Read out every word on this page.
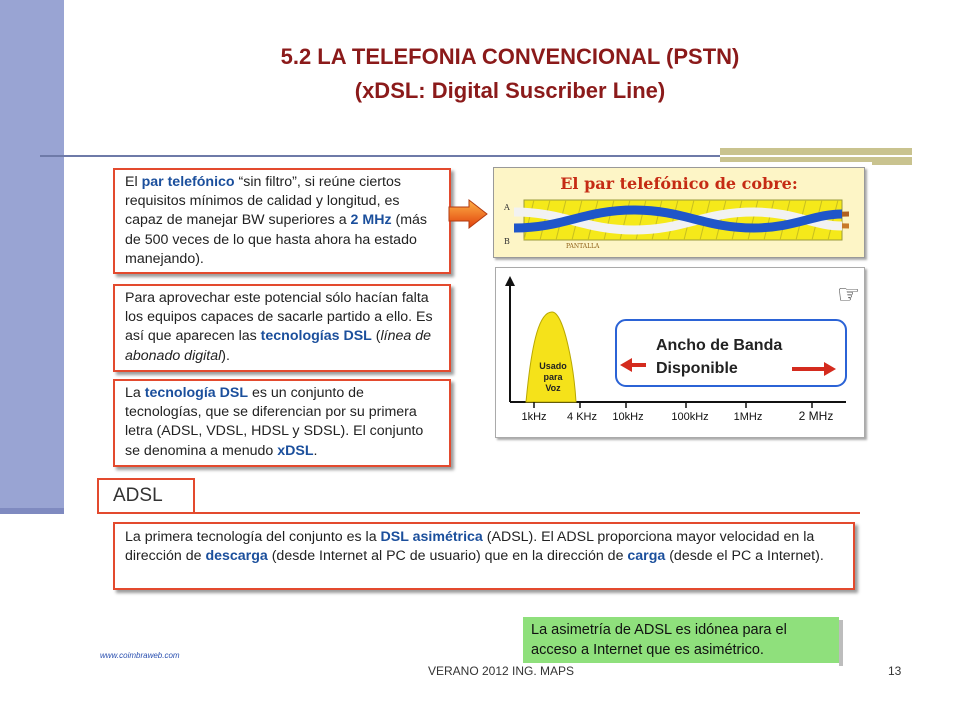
5.2 LA TELEFONIA CONVENCIONAL (PSTN)
(xDSL: Digital Suscriber Line)
El par telefónico “sin filtro”, si reúne ciertos requisitos mínimos de calidad y longitud, es capaz de manejar BW superiores a 2 MHz (más de 500 veces de lo que hasta ahora ha estado manejando).
Para aprovechar este potencial sólo hacían falta los equipos capaces de sacarle partido a ello. Es así que aparecen las tecnologías DSL (línea de abonado digital).
La tecnología DSL es un conjunto de tecnologías, que se diferencian por su primera letra (ADSL, VDSL, HDSL y SDSL). El conjunto se denomina a menudo xDSL.
El par telefónico de cobre:
A
B
PANTALLA
Usado
para
Voz
Ancho de Banda
Disponible
1kHz 4 KHz 10kHz	100kHz 1MHz	2 MHz
☞
ADSL
La primera tecnología del conjunto es la DSL asimétrica (ADSL). El ADSL proporciona mayor velocidad en la dirección de descarga (desde Internet al PC de usuario) que en la dirección de carga (desde el PC a Internet).
La asimetría de ADSL es idónea para el acceso a Internet que es asimétrico.
www.coimbraweb.com
VERANO 2012 ING. MAPS	13
